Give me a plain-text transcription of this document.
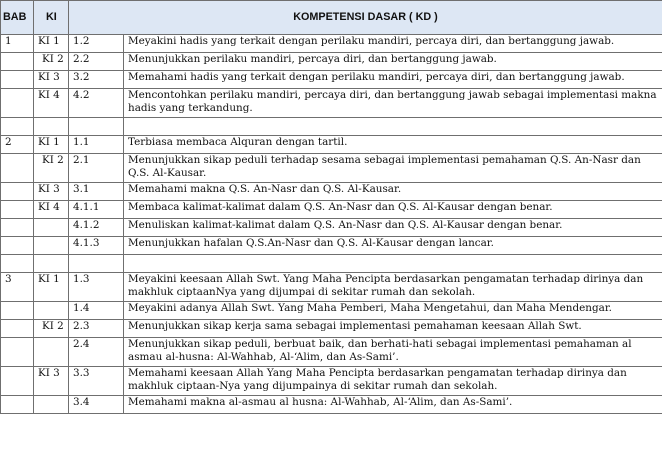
BAB	KI	KOMPETENSI DASAR ( KD )	
1	KI 1	1.2	Meyakini hadis yang terkait dengan perilaku mandiri, percaya diri, dan bertanggung jawab.
	KI 2	2.2	Menunjukkan perilaku mandiri, percaya diri, dan bertanggung jawab.
	KI 3	3.2	Memahami hadis yang terkait dengan perilaku mandiri, percaya diri, dan bertanggung jawab.
	KI 4	4.2	Mencontohkan perilaku mandiri, percaya diri, dan bertanggung jawab sebagai implementasi makna hadis yang terkandung.

2	KI 1	1.1	Terbiasa membaca Alquran dengan tartil.
	KI 2	2.1	Menunjukkan sikap peduli terhadap sesama sebagai implementasi pemahaman Q.S. An-Nasr dan Q.S. Al-Kausar.
	KI 3	3.1	Memahami makna Q.S. An-Nasr dan Q.S. Al-Kausar.
	KI 4	4.1.1	Membaca kalimat-kalimat dalam Q.S. An-Nasr dan Q.S. Al-Kausar dengan benar.
		4.1.2	Menuliskan kalimat-kalimat dalam Q.S. An-Nasr dan Q.S. Al-Kausar dengan benar.
		4.1.3	Menunjukkan hafalan Q.S.An-Nasr dan Q.S. Al-Kausar dengan lancar.

3	KI 1	1.3	Meyakini keesaan Allah Swt. Yang Maha Pencipta berdasarkan pengamatan terhadap dirinya dan makhluk ciptaanNya yang dijumpai di sekitar rumah dan sekolah.
		1.4	Meyakini adanya Allah Swt. Yang Maha Pemberi, Maha Mengetahui, dan Maha Mendengar.
	KI 2	2.3	Menunjukkan sikap kerja sama sebagai implementasi pemahaman keesaan Allah Swt.
		2.4	Menunjukkan sikap peduli, berbuat baik, dan berhati-hati sebagai implementasi pemahaman al asmau al-husna: Al-Wahhab, Al-‘Alim, dan As-Sami’.
	KI 3	3.3	Memahami keesaan Allah Yang Maha Pencipta berdasarkan pengamatan terhadap dirinya dan makhluk ciptaan-Nya yang dijumpainya di sekitar rumah dan sekolah.
		3.4	Memahami makna al-asmau al husna: Al-Wahhab, Al-‘Alim, dan As-Sami’.
